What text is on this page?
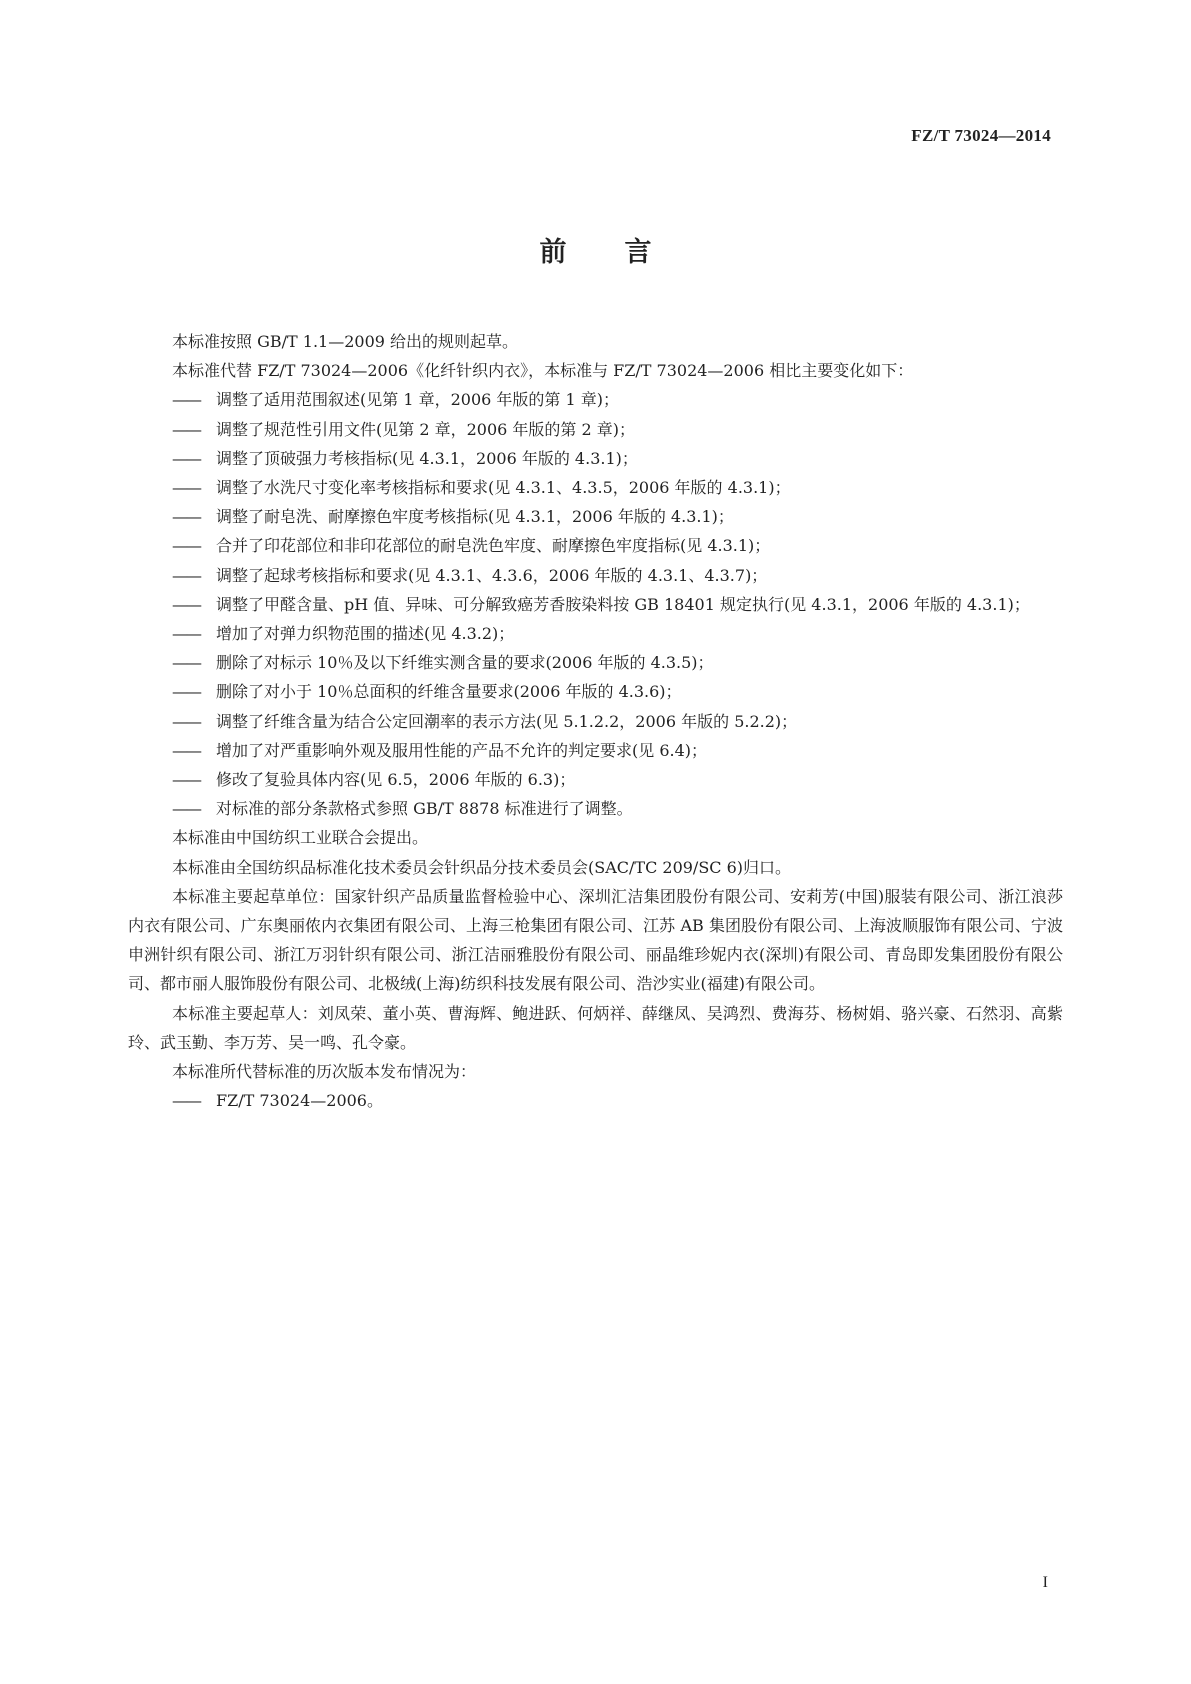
FZ/T 73024—2014
前言

本标准按照 GB/T 1.1—2009 给出的规则起草。

本标准代替 FZ/T 73024—2006《化纤针织内衣》，本标准与 FZ/T 73024—2006 相比主要变化如下：

—— 调整了适用范围叙述(见第 1 章，2006 年版的第 1 章)；

—— 调整了规范性引用文件(见第 2 章，2006 年版的第 2 章)；

—— 调整了顶破强力考核指标(见 4.3.1，2006 年版的 4.3.1)；

—— 调整了水洗尺寸变化率考核指标和要求(见 4.3.1、4.3.5，2006 年版的 4.3.1)；

—— 调整了耐皂洗、耐摩擦色牢度考核指标(见 4.3.1，2006 年版的 4.3.1)；

—— 合并了印花部位和非印花部位的耐皂洗色牢度、耐摩擦色牢度指标(见 4.3.1)；

—— 调整了起球考核指标和要求(见 4.3.1、4.3.6，2006 年版的 4.3.1、4.3.7)；

—— 调整了甲醛含量、pH 值、异味、可分解致癌芳香胺染料按 GB 18401 规定执行(见 4.3.1，2006 年版的 4.3.1)；

—— 增加了对弹力织物范围的描述(见 4.3.2)；

—— 删除了对标示 10％及以下纤维实测含量的要求(2006 年版的 4.3.5)；

—— 删除了对小于 10％总面积的纤维含量要求(2006 年版的 4.3.6)；

—— 调整了纤维含量为结合公定回潮率的表示方法(见 5.1.2.2，2006 年版的 5.2.2)；

—— 增加了对严重影响外观及服用性能的产品不允许的判定要求(见 6.4)；

—— 修改了复验具体内容(见 6.5，2006 年版的 6.3)；

—— 对标准的部分条款格式参照 GB/T 8878 标准进行了调整。

本标准由中国纺织工业联合会提出。

本标准由全国纺织品标准化技术委员会针织品分技术委员会(SAC/TC 209/SC 6)归口。

本标准主要起草单位：国家针织产品质量监督检验中心、深圳汇洁集团股份有限公司、安莉芳(中国)服装有限公司、浙江浪莎内衣有限公司、广东奥丽侬内衣集团有限公司、上海三枪集团有限公司、江苏 AB 集团股份有限公司、上海波顺服饰有限公司、宁波申洲针织有限公司、浙江万羽针织有限公司、浙江洁丽雅股份有限公司、丽晶维珍妮内衣(深圳)有限公司、青岛即发集团股份有限公司、都市丽人服饰股份有限公司、北极绒(上海)纺织科技发展有限公司、浩沙实业(福建)有限公司。

本标准主要起草人：刘凤荣、董小英、曹海辉、鲍进跃、何炳祥、薛继凤、吴鸿烈、费海芬、杨树娟、骆兴豪、石然羽、高紫玲、武玉勤、李万芳、吴一鸣、孔令豪。

本标准所代替标准的历次版本发布情况为：

—— FZ/T 73024—2006。

I
